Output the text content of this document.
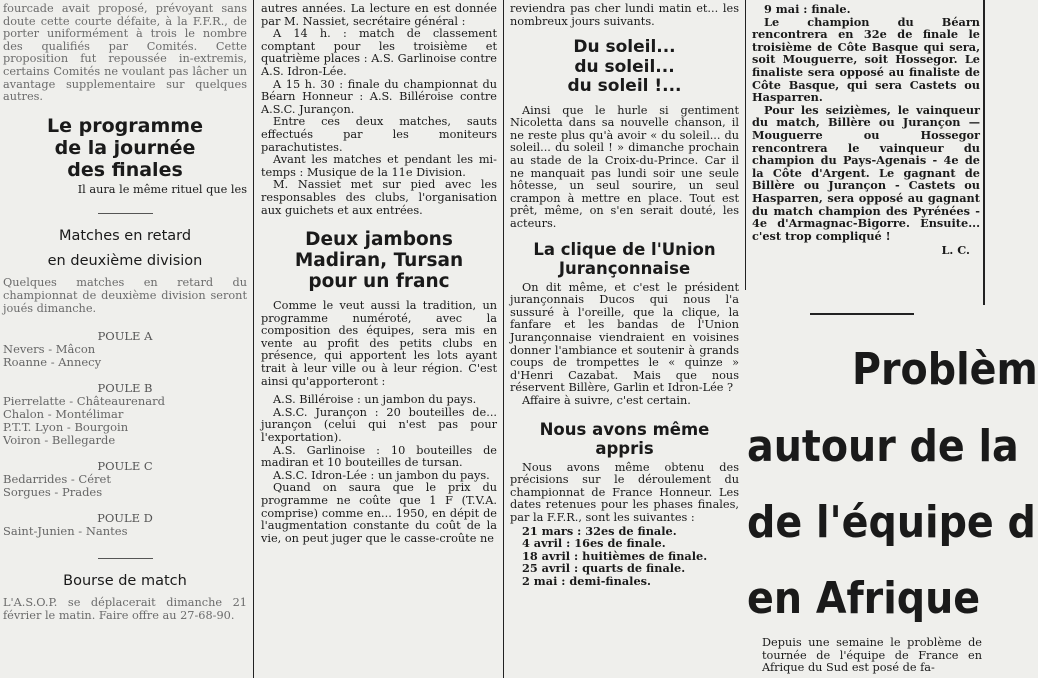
fourcade avait proposé, prévoyant sans doute cette courte défaite, à la F.F.R., de porter uniformément à trois le nombre des qualifiés par Comités. Cette proposition fut repoussée in-extremis, certains Comités ne voulant pas lâcher un avantage supplementaire sur quelques autres.

Le programme
de la journée
des finales

Il aura le même rituel que les

Matches en retard
en deuxième division

Quelques matches en retard du championnat de deuxième division seront joués dimanche.

POULE A

Nevers - Mâcon

Roanne - Annecy

POULE B

Pierrelatte - Châteaurenard

Chalon - Montélimar

P.T.T. Lyon - Bourgoin

Voiron - Bellegarde

POULE C

Bedarrides - Céret

Sorgues - Prades

POULE D

Saint-Junien - Nantes

Bourse de match

L'A.S.O.P. se déplacerait dimanche 21 février le matin. Faire offre au 27-68-90.

autres années. La lecture en est donnée par M. Nassiet, secrétaire général :

A 14 h. : match de classement comptant pour les troisième et quatrième places : A.S. Garlinoise contre A.S. Idron-Lée.

A 15 h. 30 : finale du championnat du Béarn Honneur : A.S. Billéroise contre A.S.C. Jurançon.

Entre ces deux matches, sauts effectués par les moniteurs parachutistes.

Avant les matches et pendant les mi-temps : Musique de la 11e Division.

M. Nassiet met sur pied avec les responsables des clubs, l'organisation aux guichets et aux entrées.

Deux jambons
Madiran, Tursan
pour un franc

Comme le veut aussi la tradition, un programme numéroté, avec la composition des équipes, sera mis en vente au profit des petits clubs en présence, qui apportent les lots ayant trait à leur ville ou à leur région. C'est ainsi qu'apporteront :

A.S. Billéroise : un jambon du pays.

A.S.C. Jurançon : 20 bouteilles de... jurançon (celui qui n'est pas pour l'exportation).

A.S. Garlinoise : 10 bouteilles de madiran et 10 bouteilles de tursan.

A.S.C. Idron-Lée : un jambon du pays.

Quand on saura que le prix du programme ne coûte que 1 F (T.V.A. comprise) comme en... 1950, en dépit de l'augmentation constante du coût de la vie, on peut juger que le casse-croûte ne

reviendra pas cher lundi matin et... les nombreux jours suivants.

Du soleil...
du soleil...
du soleil !...

Ainsi que le hurle si gentiment Nicoletta dans sa nouvelle chanson, il ne reste plus qu'à avoir « du soleil... du soleil... du soleil ! » dimanche prochain au stade de la Croix-du-Prince. Car il ne manquait pas lundi soir une seule hôtesse, un seul sourire, un seul crampon à mettre en place. Tout est prêt, même, on s'en serait douté, les acteurs.

La clique de l'Union
Jurançonnaise

On dit même, et c'est le président jurançonnais Ducos qui nous l'a sussuré à l'oreille, que la clique, la fanfare et les bandas de l'Union Jurançonnaise viendraient en voisines donner l'ambiance et soutenir à grands coups de trompettes le « quinze » d'Henri Cazabat. Mais que nous réservent Billère, Garlin et Idron-Lée ?

Affaire à suivre, c'est certain.

Nous avons même
appris

Nous avons même obtenu des précisions sur le déroulement du championnat de France Honneur. Les dates retenues pour les phases finales, par la F.F.R., sont les suivantes :

21 mars : 32es de finale.

4 avril : 16es de finale.

18 avril : huitièmes de finale.

25 avril : quarts de finale.

2 mai : demi-finales.

9 mai : finale.

Le champion du Béarn rencontrera en 32e de finale le troisième de Côte Basque qui sera, soit Mouguerre, soit Hossegor. Le finaliste sera opposé au finaliste de Côte Basque, qui sera Castets ou Hasparren.

Pour les seizièmes, le vainqueur du match, Billère ou Jurançon — Mouguerre ou Hossegor rencontrera le vainqueur du champion du Pays-Agenais - 4e de la Côte d'Argent. Le gagnant de Billère ou Jurançon - Castets ou Hasparren, sera opposé au gagnant du match champion des Pyrénées - 4e d'Armagnac-Bigorre. Ensuite... c'est trop compliqué !

L. C.

Problèm
autour de la
de l'équipe d
en Afrique

Depuis une semaine le problème de tournée de l'équipe de France en Afrique du Sud est posé de fa-
